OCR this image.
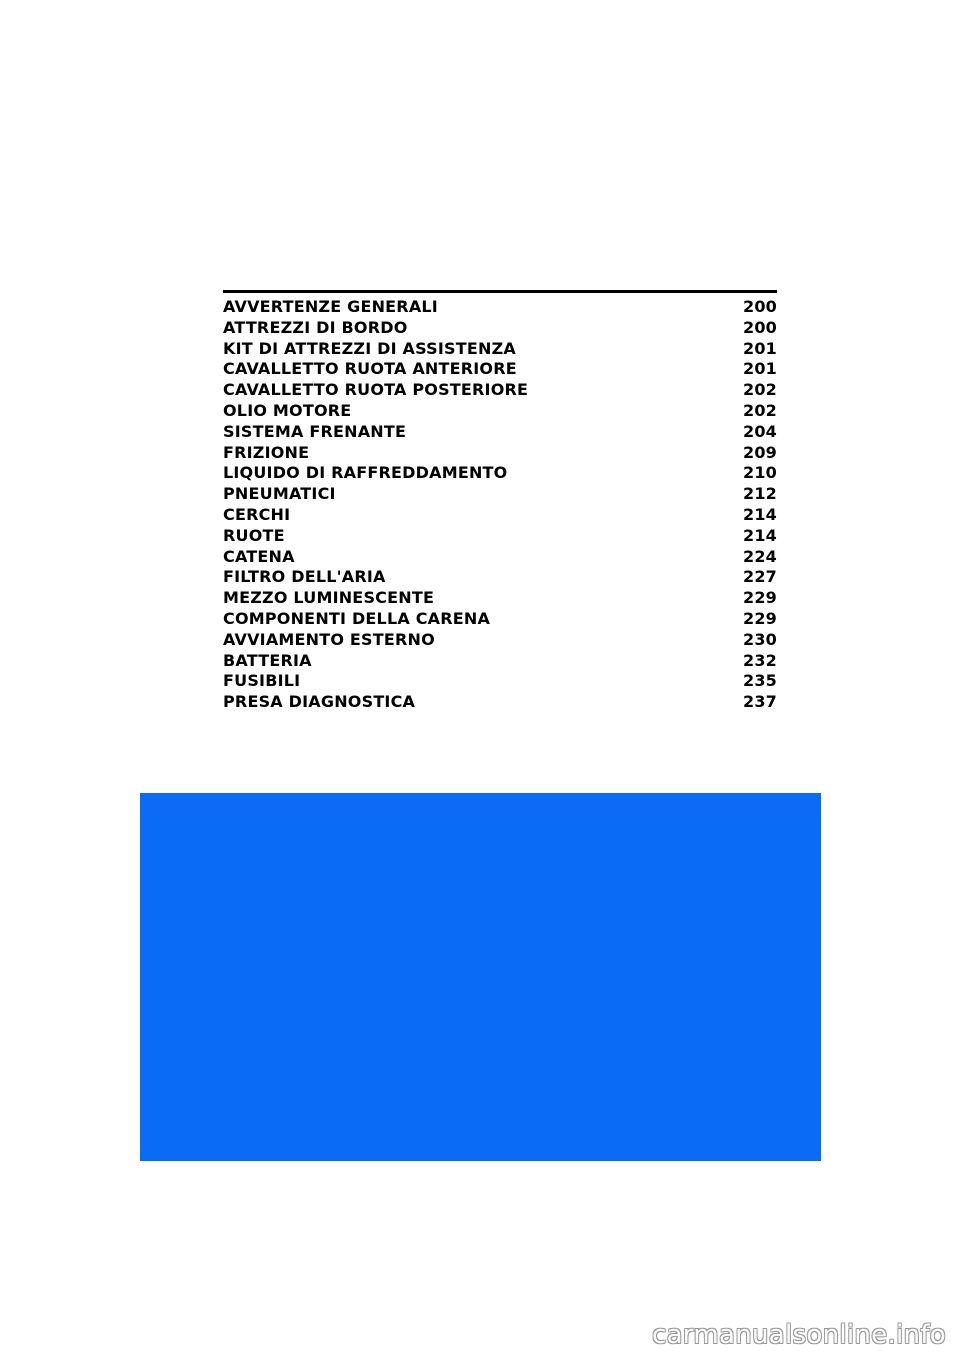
AVVERTENZE GENERALI	200
ATTREZZI DI BORDO	200
KIT DI ATTREZZI DI ASSISTENZA	201
CAVALLETTO RUOTA ANTERIORE	201
CAVALLETTO RUOTA POSTERIORE	202
OLIO MOTORE	202
SISTEMA FRENANTE	204
FRIZIONE	209
LIQUIDO DI RAFFREDDAMENTO	210
PNEUMATICI	212
CERCHI	214
RUOTE	214
CATENA	224
FILTRO DELL'ARIA	227
MEZZO LUMINESCENTE	229
COMPONENTI DELLA CARENA	229
AVVIAMENTO ESTERNO	230
BATTERIA	232
FUSIBILI	235
PRESA DIAGNOSTICA	237
carmanualsonline.info
